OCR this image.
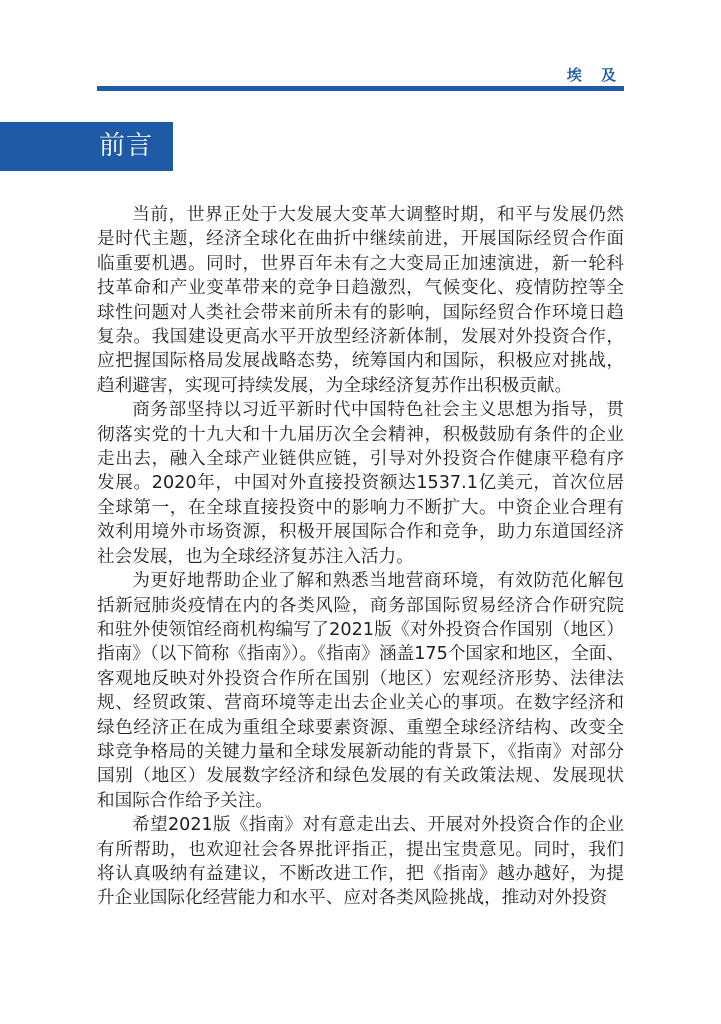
埃 及
前言

当前，世界正处于大发展大变革大调整时期，和平与发展仍然是时代主题，经济全球化在曲折中继续前进，开展国际经贸合作面临重要机遇。同时，世界百年未有之大变局正加速演进，新一轮科技革命和产业变革带来的竞争日趋激烈，气候变化、疫情防控等全球性问题对人类社会带来前所未有的影响，国际经贸合作环境日趋复杂。我国建设更高水平开放型经济新体制，发展对外投资合作，应把握国际格局发展战略态势，统筹国内和国际，积极应对挑战，趋利避害，实现可持续发展，为全球经济复苏作出积极贡献。

商务部坚持以习近平新时代中国特色社会主义思想为指导，贯彻落实党的十九大和十九届历次全会精神，积极鼓励有条件的企业走出去，融入全球产业链供应链，引导对外投资合作健康平稳有序发展。2020年，中国对外直接投资额达1537.1亿美元，首次位居全球第一，在全球直接投资中的影响力不断扩大。中资企业合理有效利用境外市场资源，积极开展国际合作和竞争，助力东道国经济社会发展，也为全球经济复苏注入活力。

为更好地帮助企业了解和熟悉当地营商环境，有效防范化解包括新冠肺炎疫情在内的各类风险，商务部国际贸易经济合作研究院和驻外使领馆经商机构编写了2021版《对外投资合作国别（地区）指南》（以下简称《指南》）。《指南》涵盖175个国家和地区，全面、客观地反映对外投资合作所在国别（地区）宏观经济形势、法律法规、经贸政策、营商环境等走出去企业关心的事项。在数字经济和绿色经济正在成为重组全球要素资源、重塑全球经济结构、改变全球竞争格局的关键力量和全球发展新动能的背景下，《指南》对部分国别（地区）发展数字经济和绿色发展的有关政策法规、发展现状和国际合作给予关注。

希望2021版《指南》对有意走出去、开展对外投资合作的企业有所帮助，也欢迎社会各界批评指正，提出宝贵意见。同时，我们将认真吸纳有益建议，不断改进工作，把《指南》越办越好，为提升企业国际化经营能力和水平、应对各类风险挑战，推动对外投资
